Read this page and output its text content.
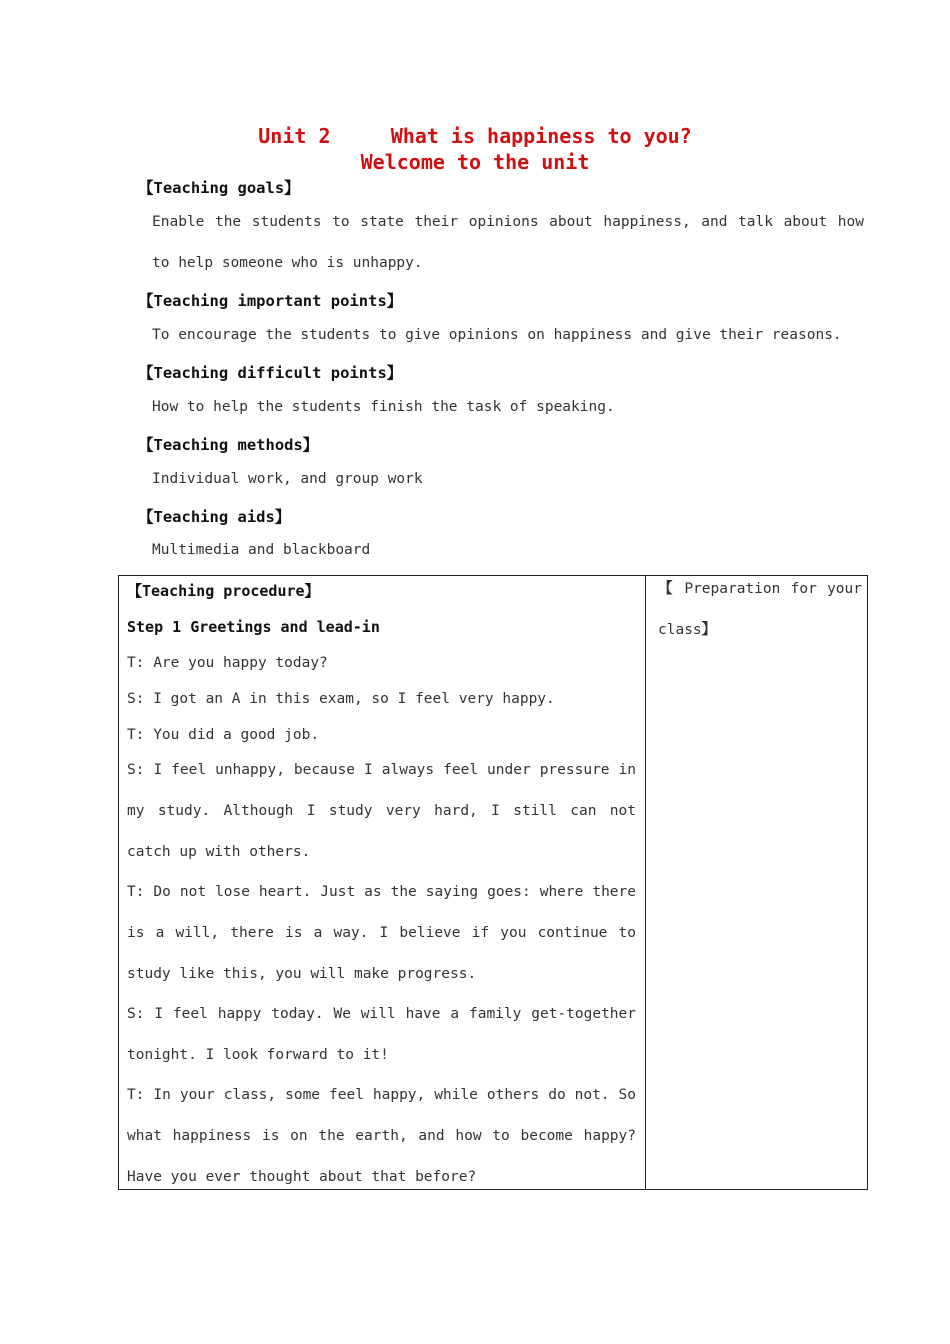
Unit 2     What is happiness to you?
Welcome to the unit
【Teaching goals】
Enable the students to state their opinions about happiness, and talk about how to help someone who is unhappy.
【Teaching important points】
To encourage the students to give opinions on happiness and give their reasons.
【Teaching difficult points】
How to help the students finish the task of speaking.
【Teaching methods】
Individual work, and group work
【Teaching aids】
Multimedia and blackboard
【Teaching procedure】
Step 1 Greetings and lead-in
T: Are you happy today?
S: I got an A in this exam, so I feel very happy.
T: You did a good job.
S: I feel unhappy, because I always feel under pressure in my study. Although I study very hard, I still can not catch up with others.
T: Do not lose heart. Just as the saying goes: where there is a will, there is a way. I believe if you continue to study like this, you will make progress.
S: I feel happy today. We will have a family get-together tonight. I look forward to it!
T: In your class, some feel happy, while others do not. So what happiness is on the earth, and how to become happy? Have you ever thought about that before?
【 Preparation for your class】
